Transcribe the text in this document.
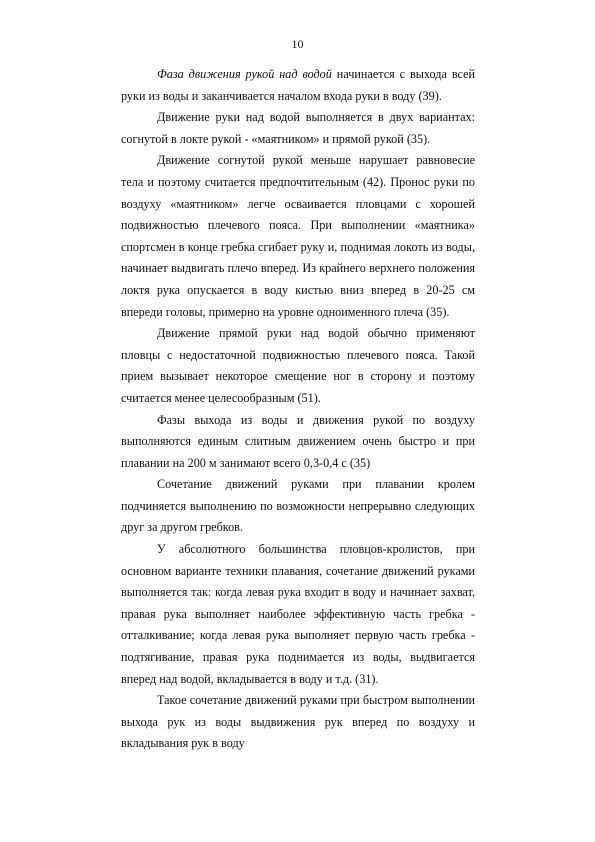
10

Фаза движения рукой над водой начинается с выхода всей руки из воды и заканчивается началом входа руки в воду (39).

Движение руки над водой выполняется в двух вариантах: согнутой в локте рукой - «маятником» и прямой рукой (35).

Движение согнутой рукой меньше нарушает равновесие тела и поэтому считается предпочтительным (42). Пронос руки по воздуху «маятником» легче осваивается пловцами с хорошей подвижностью плечевого пояса. При выполнении «маятника» спортсмен в конце гребка сгибает руку и, поднимая локоть из воды, начинает выдвигать плечо вперед. Из крайнего верхнего положения локтя рука опускается в воду кистью вниз вперед в 20-25 см впереди головы, примерно на уровне одноименного плеча (35).

Движение прямой руки над водой обычно применяют пловцы с недостаточной подвижностью плечевого пояса. Такой прием вызывает некоторое смещение ног в сторону и поэтому считается менее целесообразным (51).

Фазы выхода из воды и движения рукой по воздуху выполняются единым слитным движением очень быстро и при плавании на 200 м занимают всего 0,3-0,4 с (35)

Сочетание движений руками при плавании кролем подчиняется выполнению по возможности непрерывно следующих друг за другом гребков.

У абсолютного большинства пловцов-кролистов, при основном варианте техники плавания, сочетание движений руками выполняется так: когда левая рука входит в воду и начинает захват, правая рука выполняет наиболее эффективную часть гребка - отталкивание; когда левая рука выполняет первую часть гребка - подтягивание, правая рука поднимается из воды, выдвигается вперед над водой, вкладывается в воду и т.д. (31).

Такое сочетание движений руками при быстром выполнении выхода рук из воды выдвижения рук вперед по воздуху и вкладывания рук в воду
